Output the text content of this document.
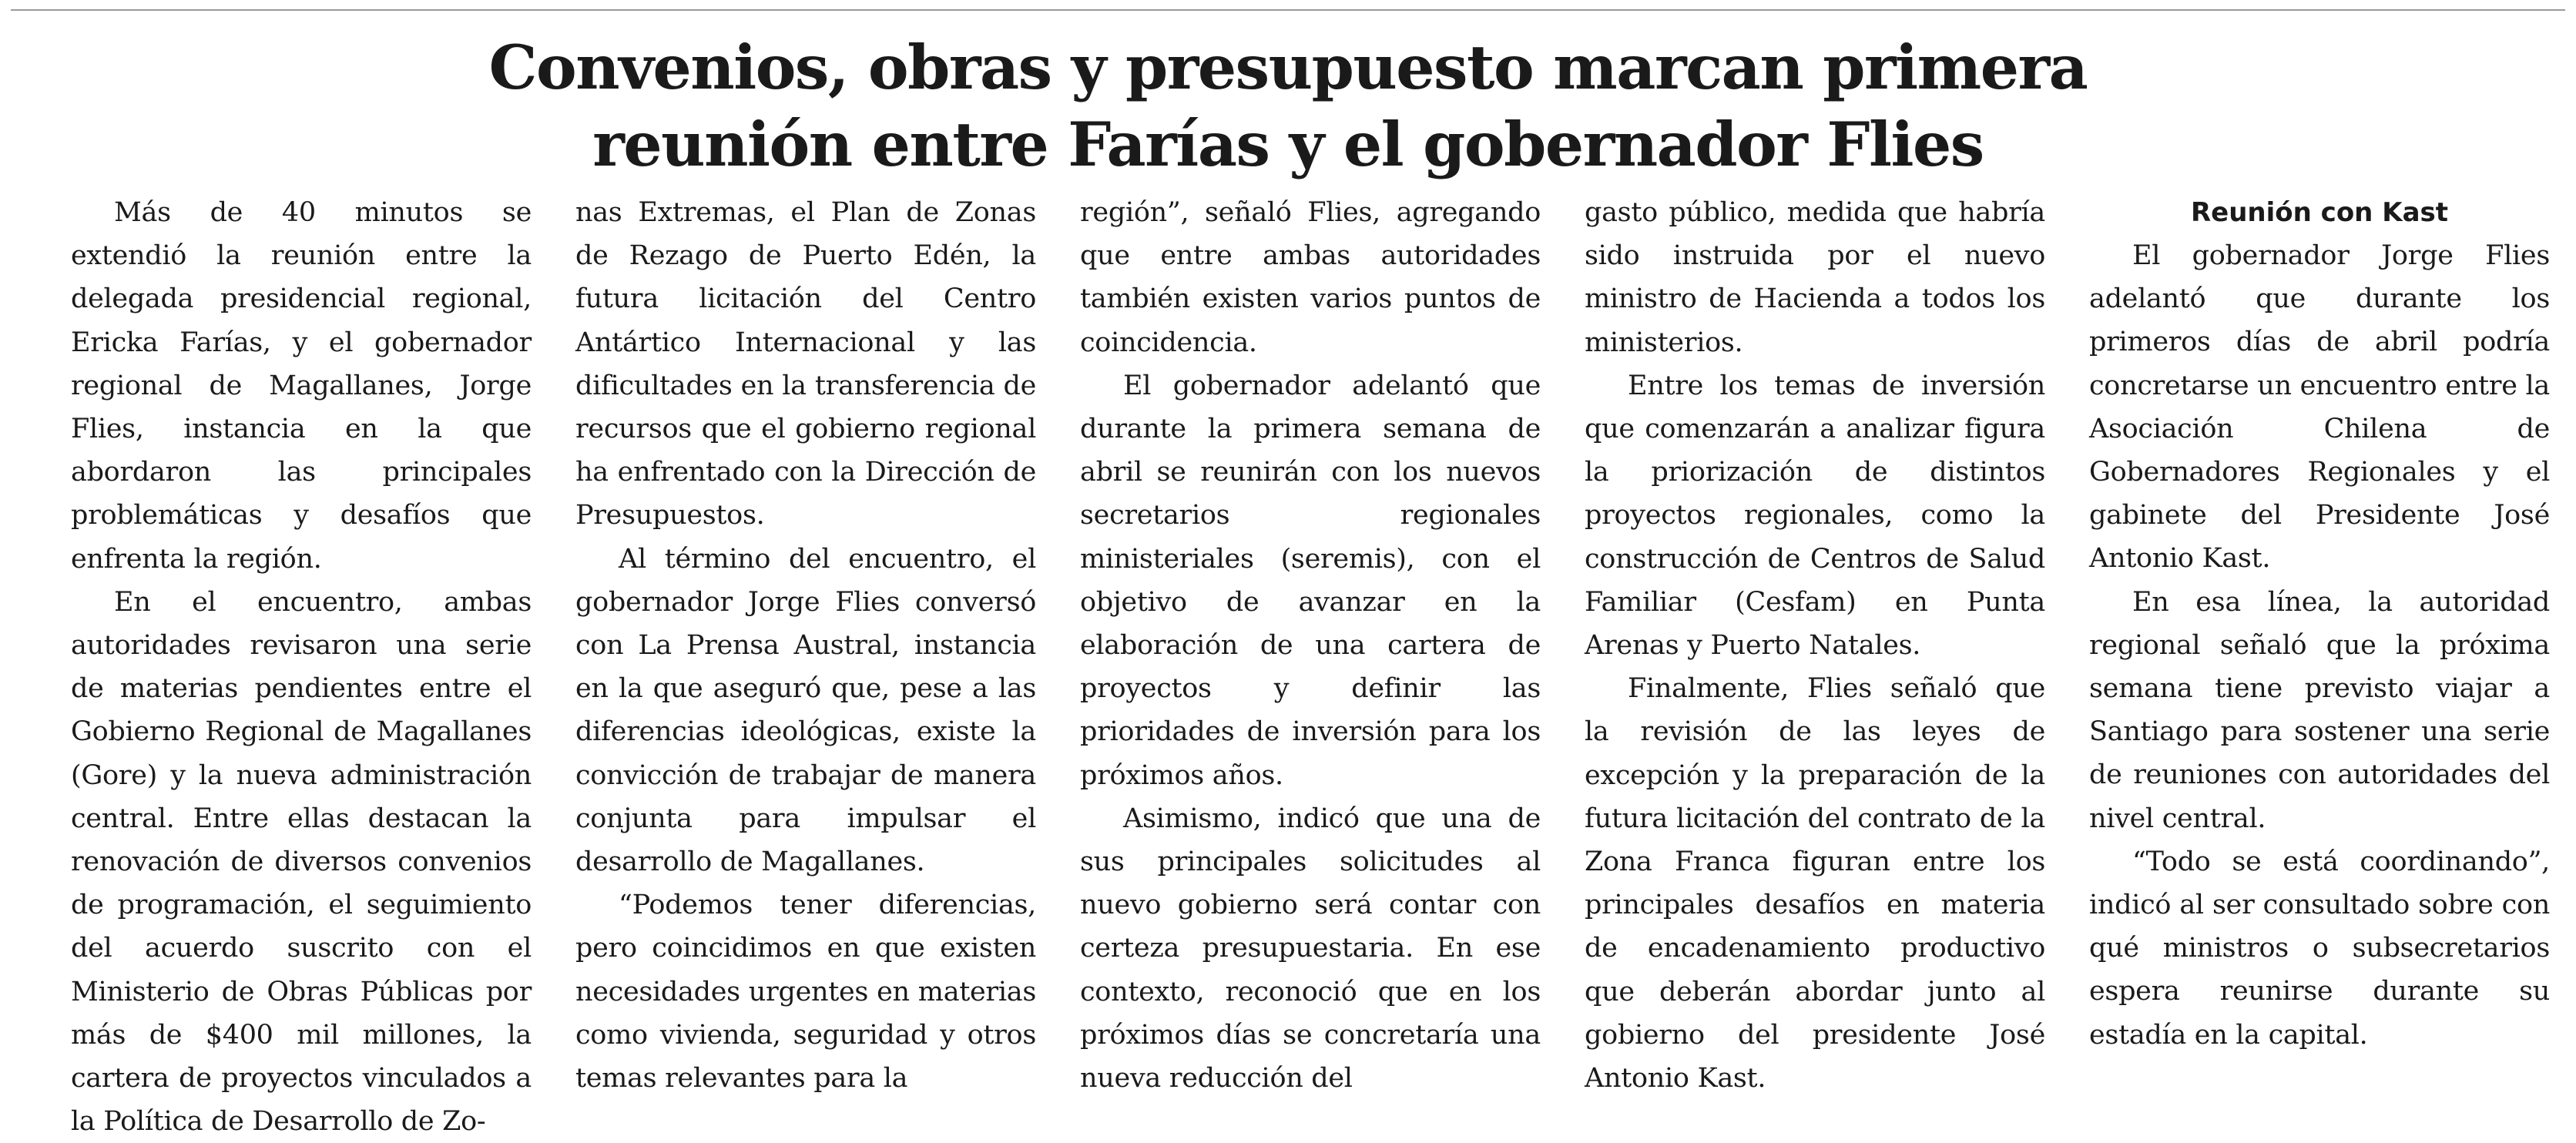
Convenios, obras y presupuesto marcan primera
reunión entre Farías y el gobernador Flies

Más de 40 minutos se extendió la reunión entre la delegada presidencial regional, Ericka Farías, y el gobernador regional de Magallanes, Jorge Flies, instancia en la que abordaron las principales problemáticas y desafíos que enfrenta la región.

En el encuentro, ambas autoridades revisaron una serie de materias pendientes entre el Gobierno Regional de Magallanes (Gore) y la nueva administración central. Entre ellas destacan la renovación de diversos convenios de programación, el seguimiento del acuerdo suscrito con el Ministerio de Obras Públicas por más de $400 mil millones, la cartera de proyectos vinculados a la Política de Desarrollo de Zo-

nas Extremas, el Plan de Zonas de Rezago de Puerto Edén, la futura licitación del Centro Antártico Internacional y las dificultades en la transferencia de recursos que el gobierno regional ha enfrentado con la Dirección de Presupuestos.

Al término del encuentro, el gobernador Jorge Flies conversó con La Prensa Austral, instancia en la que aseguró que, pese a las diferencias ideológicas, existe la convicción de trabajar de manera conjunta para impulsar el desarrollo de Magallanes.

“Podemos tener diferencias, pero coincidimos en que existen necesidades urgentes en materias como vivienda, seguridad y otros temas relevantes para la

región”, señaló Flies, agregando que entre ambas autoridades también existen varios puntos de coincidencia.

El gobernador adelantó que durante la primera semana de abril se reunirán con los nuevos secretarios regionales ministeriales (seremis), con el objetivo de avanzar en la elaboración de una cartera de proyectos y definir las prioridades de inversión para los próximos años.

Asimismo, indicó que una de sus principales solicitudes al nuevo gobierno será contar con certeza presupuestaria. En ese contexto, reconoció que en los próximos días se concretaría una nueva reducción del

gasto público, medida que habría sido instruida por el nuevo ministro de Hacienda a todos los ministerios.

Entre los temas de inversión que comenzarán a analizar figura la priorización de distintos proyectos regionales, como la construcción de Centros de Salud Familiar (Cesfam) en Punta Arenas y Puerto Natales.

Finalmente, Flies señaló que la revisión de las leyes de excepción y la preparación de la futura licitación del contrato de la Zona Franca figuran entre los principales desafíos en materia de encadenamiento productivo que deberán abordar junto al gobierno del presidente José Antonio Kast.

Reunión con Kast

El gobernador Jorge Flies adelantó que durante los primeros días de abril podría concretarse un encuentro entre la Asociación Chilena de Gobernadores Regionales y el gabinete del Presidente José Antonio Kast.

En esa línea, la autoridad regional señaló que la próxima semana tiene previsto viajar a Santiago para sostener una serie de reuniones con autoridades del nivel central.

“Todo se está coordinando”, indicó al ser consultado sobre con qué ministros o subsecretarios espera reunirse durante su estadía en la capital.
